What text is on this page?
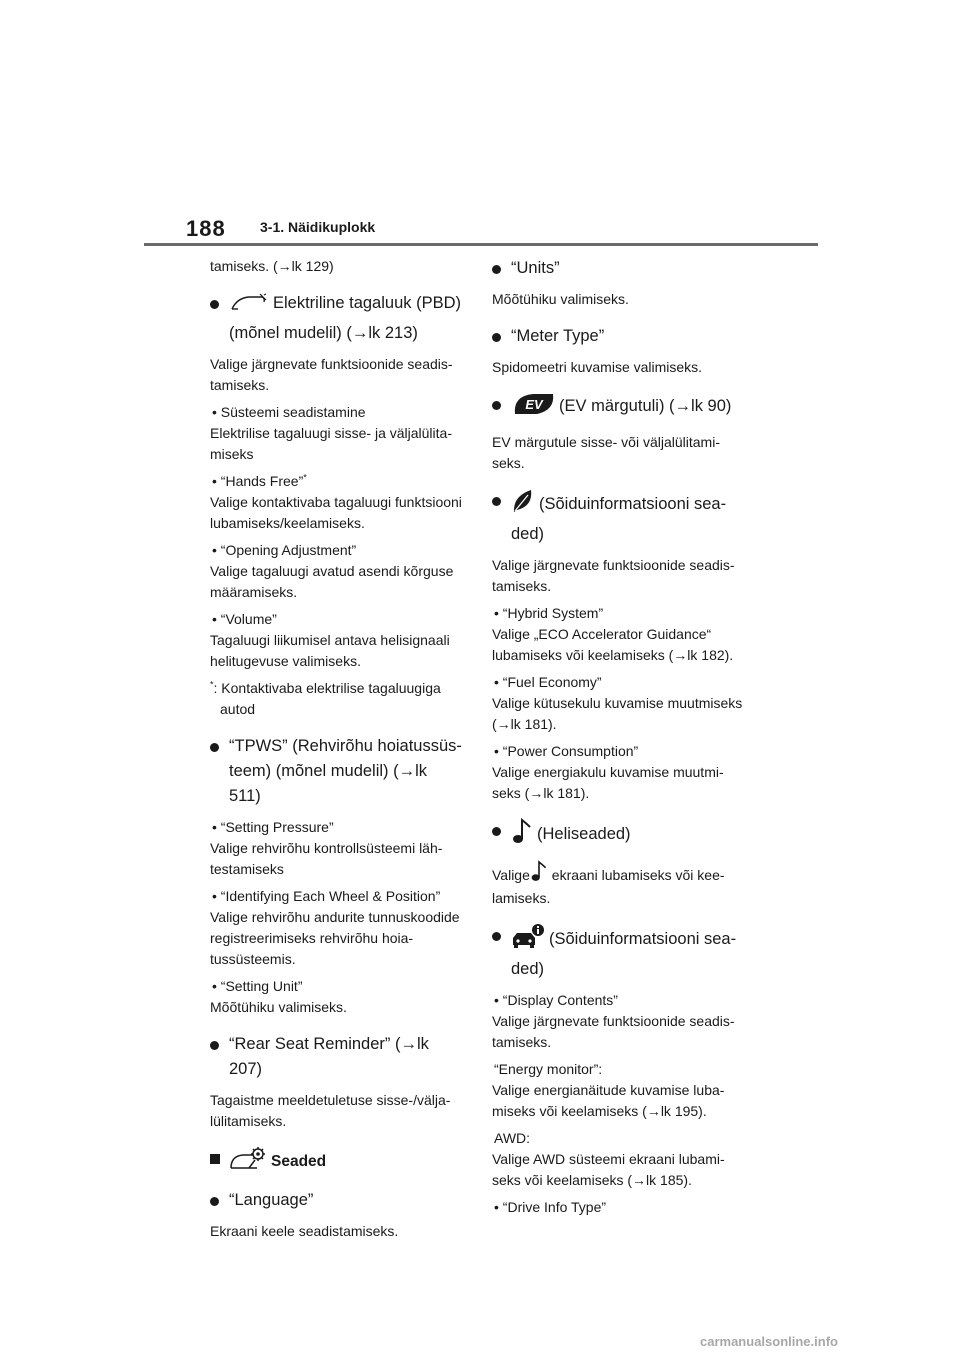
188 3-1. Näidikuplokk

tamiseks. (→lk 129)

Elektriline tagaluuk (PBD) (mõnel mudelil) (→lk 213)

Valige järgnevate funktsioonide seadistamiseks.

• Süsteemi seadistamine

Elektrilise tagaluugi sisse- ja väljalülitamiseks

• “Hands Free”*

Valige kontaktivaba tagaluugi funktsiooni lubamiseks/keelamiseks.

• “Opening Adjustment”

Valige tagaluugi avatud asendi kõrguse määramiseks.

• “Volume”

Tagaluugi liikumisel antava helisignaali helitugevuse valimiseks.

*: Kontaktivaba elektrilise tagaluugiga autod

“TPWS” (Rehvirõhu hoiatussüsteem) (mõnel mudelil) (→lk 511)

• “Setting Pressure”

Valige rehvirõhu kontrollsüsteemi lähtestamiseks

• “Identifying Each Wheel & Position”

Valige rehvirõhu andurite tunnuskoodide registreerimiseks rehvirõhu hoiatussüsteemis.

• “Setting Unit”

Mõõtühiku valimiseks.

“Rear Seat Reminder” (→lk 207)

Tagaistme meeldetuletuse sisse-/väljalülitamiseks.

Seaded
“Language”

Ekraani keele seadistamiseks.

“Units”

Mõõtühiku valimiseks.

“Meter Type”

Spidomeetri kuvamise valimiseks.

EV (EV märgutuli) (→lk 90)

EV märgutule sisse- või väljalülitamiseks.

(Sõiduinformatsiooni seaded)

Valige järgnevate funktsioonide seadistamiseks.

• “Hybrid System”

Valige „ECO Accelerator Guidance“ lubamiseks või keelamiseks (→lk 182).

• “Fuel Economy”

Valige kütusekulu kuvamise muutmiseks (→lk 181).

• “Power Consumption”

Valige energiakulu kuvamise muutmiseks (→lk 181).

(Heliseaded)

Valige ekraani lubamiseks või keelamiseks.

(Sõiduinformatsiooni seaded)

• “Display Contents”

Valige järgnevate funktsioonide seadistamiseks.

“Energy monitor”:

Valige energianäitude kuvamise lubamiseks või keelamiseks (→lk 195).

AWD:

Valige AWD süsteemi ekraani lubamiseks või keelamiseks (→lk 185).

• “Drive Info Type”

carmanualsonline.info
